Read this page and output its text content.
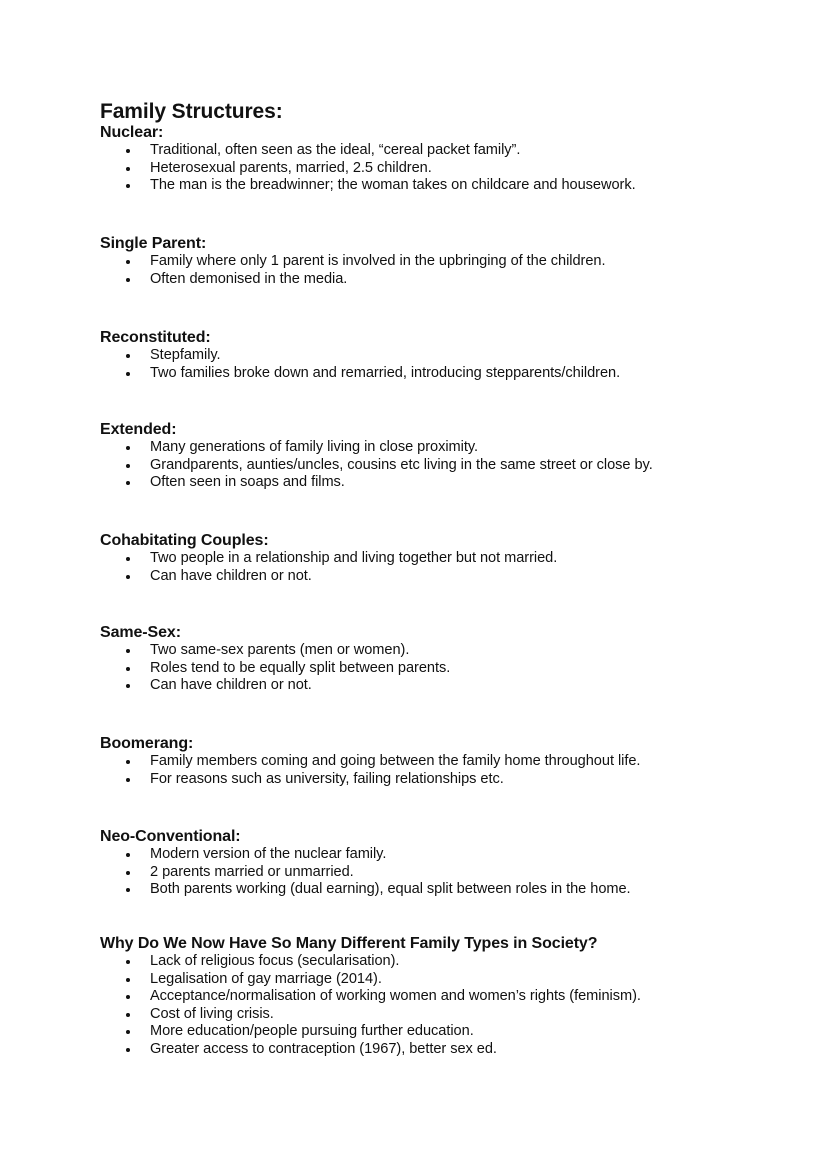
Family Structures:
Nuclear:
Traditional, often seen as the ideal, “cereal packet family”.
Heterosexual parents, married, 2.5 children.
The man is the breadwinner; the woman takes on childcare and housework.
Single Parent:
Family where only 1 parent is involved in the upbringing of the children.
Often demonised in the media.
Reconstituted:
Stepfamily.
Two families broke down and remarried, introducing stepparents/children.
Extended:
Many generations of family living in close proximity.
Grandparents, aunties/uncles, cousins etc living in the same street or close by.
Often seen in soaps and films.
Cohabitating Couples:
Two people in a relationship and living together but not married.
Can have children or not.
Same-Sex:
Two same-sex parents (men or women).
Roles tend to be equally split between parents.
Can have children or not.
Boomerang:
Family members coming and going between the family home throughout life.
For reasons such as university, failing relationships etc.
Neo-Conventional:
Modern version of the nuclear family.
2 parents married or unmarried.
Both parents working (dual earning), equal split between roles in the home.
Why Do We Now Have So Many Different Family Types in Society?
Lack of religious focus (secularisation).
Legalisation of gay marriage (2014).
Acceptance/normalisation of working women and women’s rights (feminism).
Cost of living crisis.
More education/people pursuing further education.
Greater access to contraception (1967), better sex ed.
